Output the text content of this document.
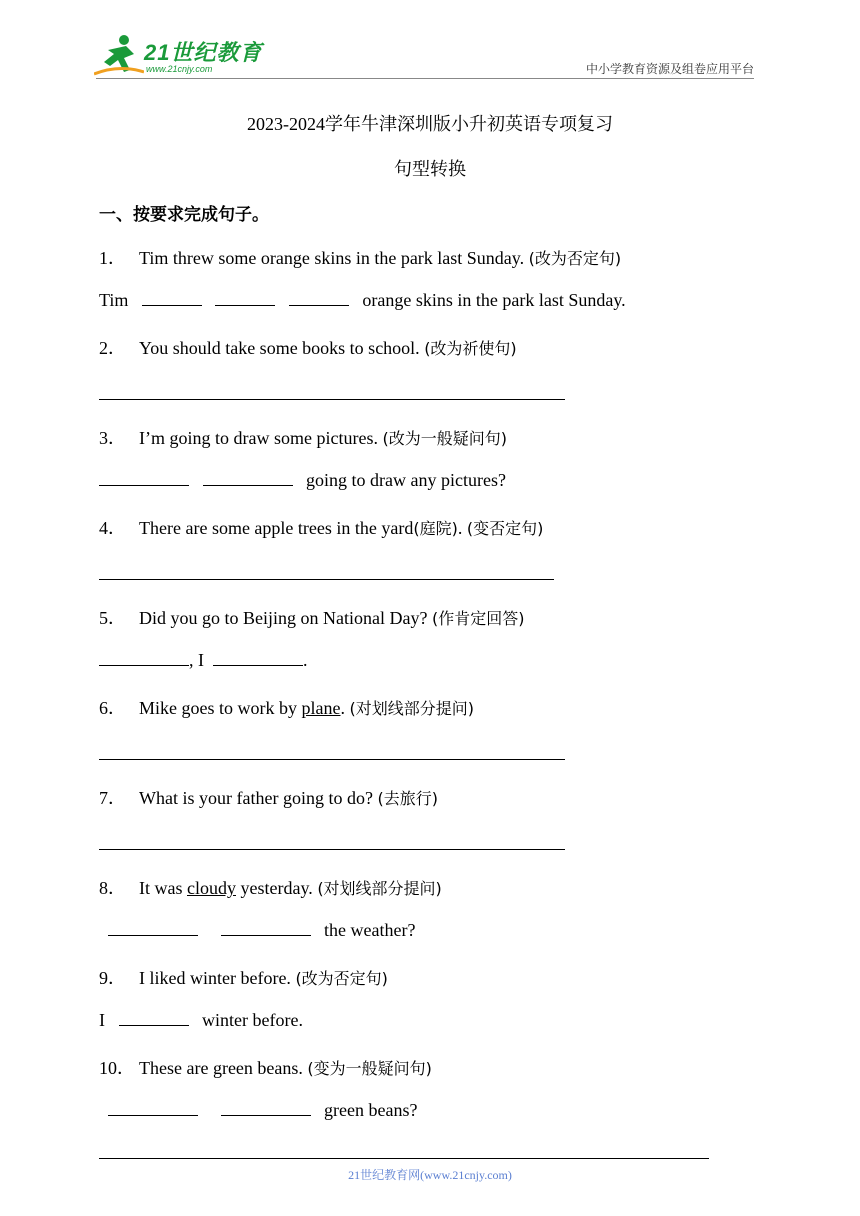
21世纪教育
www.21cnjy.com	中小学教育资源及组卷应用平台
2023-2024学年牛津深圳版小升初英语专项复习
句型转换
一、按要求完成句子。
1． Tim threw some orange skins in the park last Sunday. (改为否定句)
Tim	orange skins in the park last Sunday.
2． You should take some books to school. (改为祈使句)
3． I’m going to draw some pictures. (改为一般疑问句)
going to draw any pictures?
4． There are some apple trees in the yard(庭院). (变否定句)
5． Did you go to Beijing on National Day? (作肯定回答)
, I	.
6． Mike goes to work by plane. (对划线部分提问)
7． What is your father going to do? (去旅行)
8． It was cloudy yesterday. (对划线部分提问)
the weather?
9． I liked winter before. (改为否定句)
I	winter before.
10． These are green beans. (变为一般疑问句)
green beans?
21世纪教育网(www.21cnjy.com)
